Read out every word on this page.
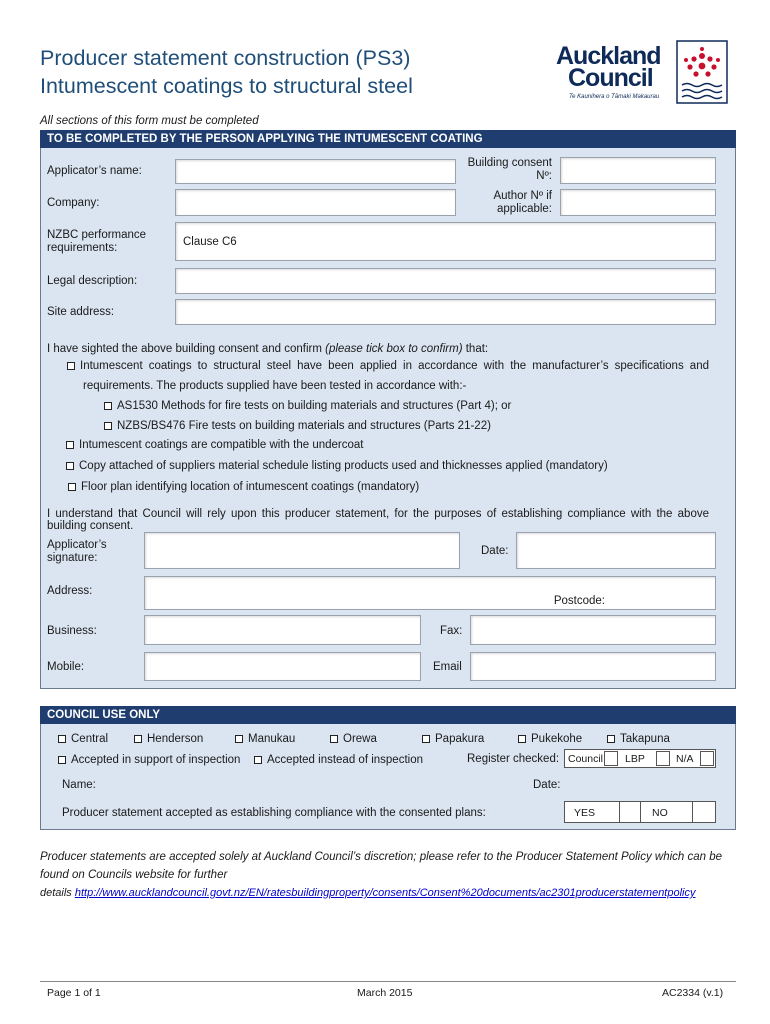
Producer statement construction (PS3)
Intumescent coatings to structural steel
Auckland
Council
Te Kaunihera o Tāmaki Makaurau
All sections of this form must be completed
TO BE COMPLETED BY THE PERSON APPLYING THE INTUMESCENT COATING
Applicator’s name:
Building consent
Nº:
Company:
Author Nº if
applicable:
NZBC performance
requirements:
Clause C6
Legal description:
Site address:
I have sighted the above building consent and confirm (please tick box to confirm) that:
Intumescent coatings to structural steel have been applied in accordance with the manufacturer’s specifications and
requirements. The products supplied have been tested in accordance with:-
AS1530 Methods for fire tests on building materials and structures (Part 4); or
NZBS/BS476 Fire tests on building materials and structures (Parts 21-22)
Intumescent coatings are compatible with the undercoat
Copy attached of suppliers material schedule listing products used and thicknesses applied (mandatory)
Floor plan identifying location of intumescent coatings (mandatory)
I understand that Council will rely upon this producer statement, for the purposes of establishing compliance with the above
building consent.
Applicator’s
signature:
Date:
Address:
Postcode:
Business:	Fax:
Mobile:	Email
COUNCIL USE ONLY
Central	Henderson	Manukau	Orewa	Papakura	Pukekohe	Takapuna
Accepted in support of inspection Accepted instead of inspection	Register checked: Council LBP	N/A
Name:	Date:
Producer statement accepted as establishing compliance with the consented plans:	YES	NO
Producer statements are accepted solely at Auckland Council’s discretion; please refer to the Producer Statement Policy which can be
found on Councils website for further
details http://www.aucklandcouncil.govt.nz/EN/ratesbuildingproperty/consents/Consent%20documents/ac2301producerstatementpolicy
Page 1 of 1	March 2015	AC2334 (v.1)
